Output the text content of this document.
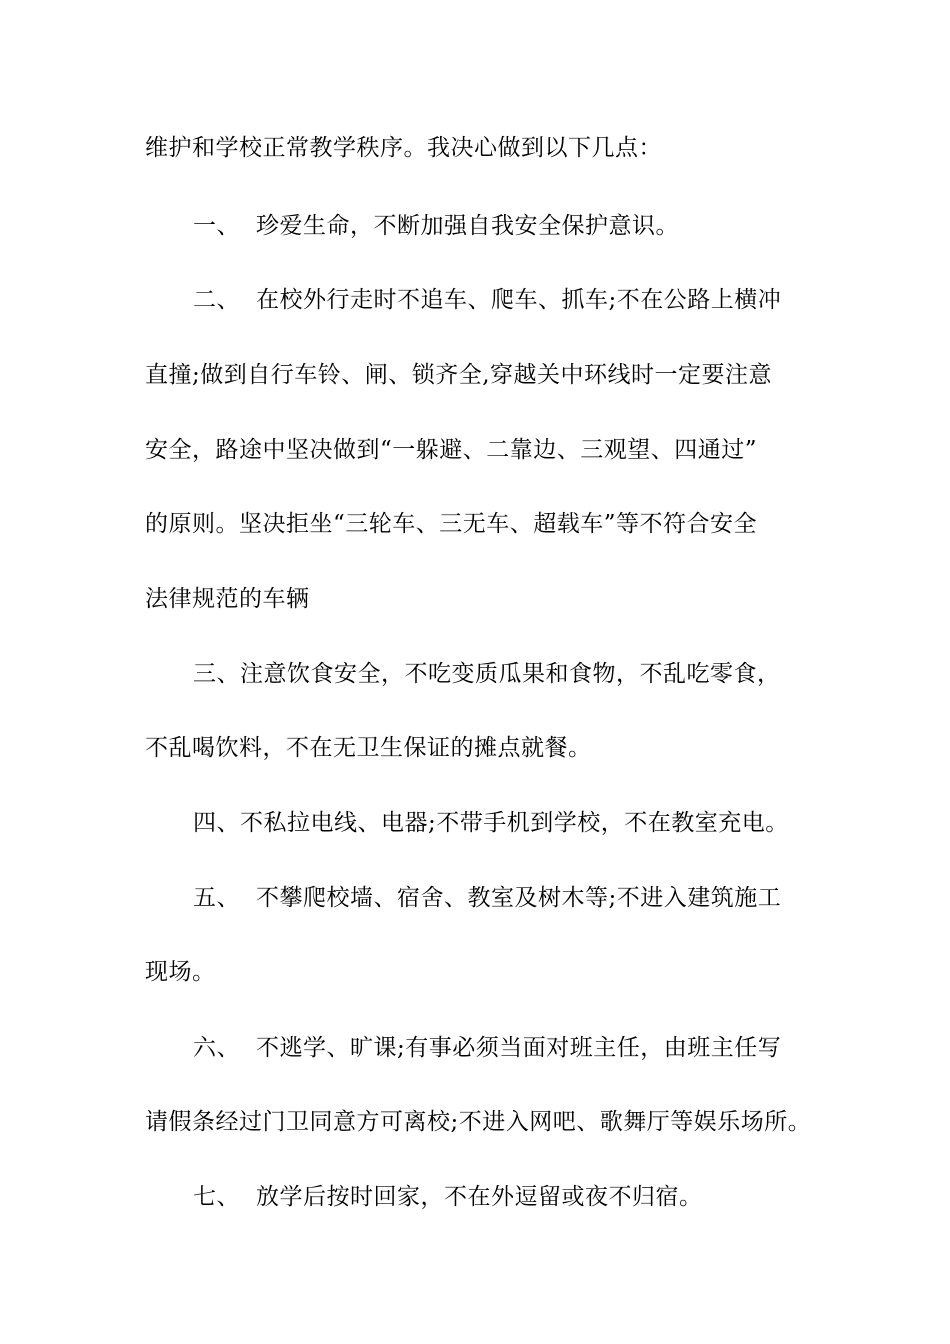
维护和学校正常教学秩序。我决心做到以下几点：
一、 珍爱生命，不断加强自我安全保护意识。
二、 在校外行走时不追车、爬车、抓车;不在公路上横冲
直撞;做到自行车铃、闸、锁齐全,穿越关中环线时一定要注意
安全，路途中坚决做到“一躲避、二靠边、三观望、四通过”
的原则。坚决拒坐“三轮车、三无车、超载车”等不符合安全
法律规范的车辆
三、注意饮食安全，不吃变质瓜果和食物，不乱吃零食，
不乱喝饮料，不在无卫生保证的摊点就餐。
四、不私拉电线、电器;不带手机到学校，不在教室充电。
五、 不攀爬校墙、宿舍、教室及树木等;不进入建筑施工
现场。
六、 不逃学、旷课;有事必须当面对班主任，由班主任写
请假条经过门卫同意方可离校;不进入网吧、歌舞厅等娱乐场所。
七、 放学后按时回家，不在外逗留或夜不归宿。
